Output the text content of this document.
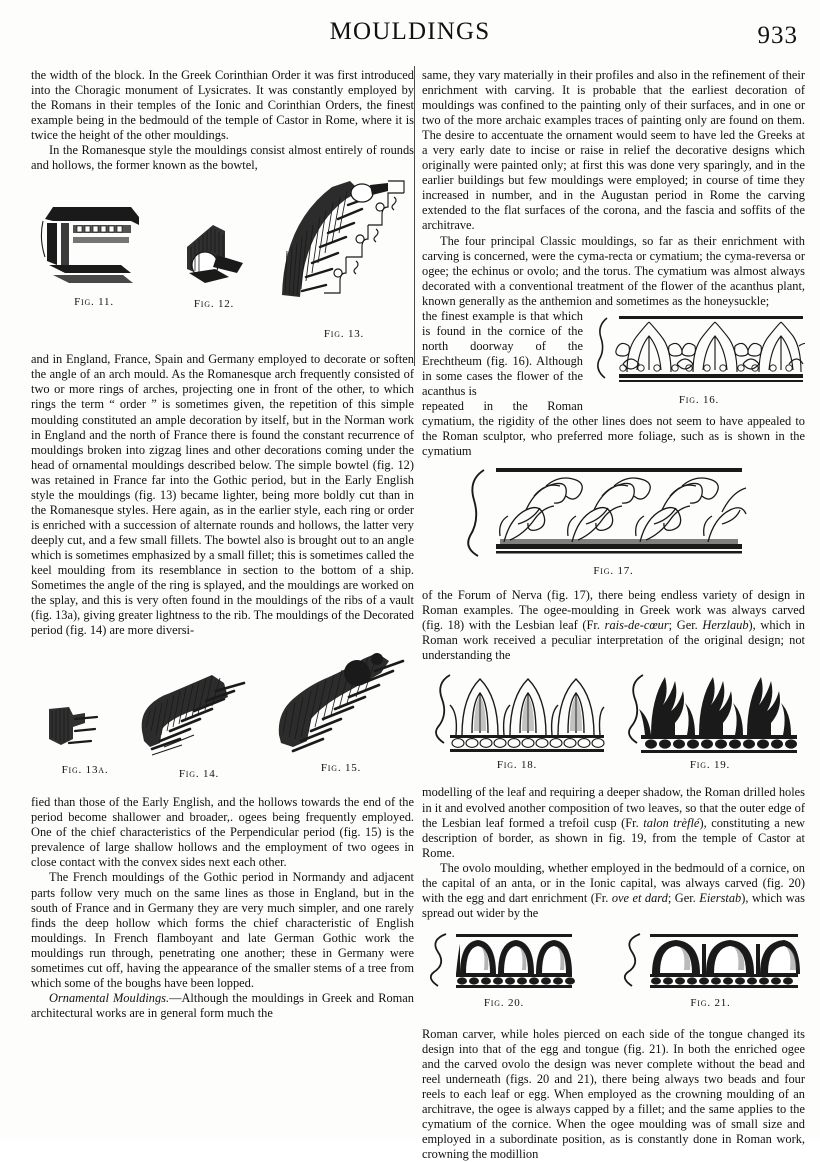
MOULDINGS	933

the width of the block. In the Greek Corinthian Order it was first introduced into the Choragic monument of Lysicrates. It was constantly employed by the Romans in their temples of the Ionic and Corinthian Orders, the finest example being in the bedmould of the temple of Castor in Rome, where it is twice the height of the other mouldings.

In the Romanesque style the mouldings consist almost entirely of rounds and hollows, the former known as the bowtel,

Fig. 11.	Fig. 12.
Fig. 13.

and in England, France, Spain and Germany employed to decorate or soften the angle of an arch mould. As the Romanesque arch frequently consisted of two or more rings of arches, projecting one in front of the other, to which rings the term “ order ” is sometimes given, the repetition of this simple moulding constituted an ample decoration by itself, but in the Norman work in England and the north of France there is found the constant recurrence of mouldings broken into zigzag lines and other decorations coming under the head of ornamental mouldings described below. The simple bowtel (fig. 12) was retained in France far into the Gothic period, but in the Early English style the mouldings (fig. 13) became lighter, being more boldly cut than in the Romanesque styles. Here again, as in the earlier style, each ring or order is enriched with a succession of alternate rounds and hollows, the latter very deeply cut, and a few small fillets. The bowtel also is brought out to an angle which is sometimes emphasized by a small fillet; this is sometimes called the keel moulding from its resemblance in section to the bottom of a ship. Sometimes the angle of the ring is splayed, and the mouldings are worked on the splay, and this is very often found in the mouldings of the ribs of a vault (fig. 13a), giving greater lightness to the rib. The mouldings of the Decorated period (fig. 14) are more diversi-

Fig. 13a.	Fig. 14.	Fig. 15.

fied than those of the Early English, and the hollows towards the end of the period become shallower and broader,. ogees being frequently employed. One of the chief characteristics of the Perpendicular period (fig. 15) is the prevalence of large shallow hollows and the employment of two ogees in close contact with the convex sides next each other.

The French mouldings of the Gothic period in Normandy and adjacent parts follow very much on the same lines as those in England, but in the south of France and in Germany they are very much simpler, and one rarely finds the deep hollow which forms the chief characteristic of English mouldings. In French flamboyant and late German Gothic work the mouldings run through, penetrating one another; these in Germany were sometimes cut off, having the appearance of the smaller stems of a tree from which some of the boughs have been lopped.

Ornamental Mouldings.—Although the mouldings in Greek and Roman architectural works are in general form much the

same, they vary materially in their profiles and also in the refinement of their enrichment with carving. It is probable that the earliest decoration of mouldings was confined to the painting only of their surfaces, and in one or two of the more archaic examples traces of painting only are found on them. The desire to accentuate the ornament would seem to have led the Greeks at a very early date to incise or raise in relief the decorative designs which originally were painted only; at first this was done very sparingly, and in the earlier buildings but few mouldings were employed; in course of time they increased in number, and in the Augustan period in Rome the carving extended to the flat surfaces of the corona, and the fascia and soffits of the architrave.

The four principal Classic mouldings, so far as their enrichment with carving is concerned, were the cyma-recta or cymatium; the cyma-reversa or ogee; the echinus or ovolo; and the torus. The cymatium was almost always decorated with a conventional treatment of the flower of the acanthus plant, known generally as the anthemion and sometimes as the honeysuckle;

Fig. 16.

the finest example is that which is found in the cornice of the north doorway of the Erechtheum (fig. 16). Although in some cases the flower of the acanthus is

repeated in the Roman cymatium, the rigidity of the other lines does not seem to have appealed to the Roman sculptor, who preferred more foliage, such as is shown in the cymatium

Fig. 17.

of the Forum of Nerva (fig. 17), there being endless variety of design in Roman examples. The ogee-moulding in Greek work was always carved (fig. 18) with the Lesbian leaf (Fr. rais-de-cœur; Ger. Herzlaub), which in Roman work received a peculiar interpretation of the original design; not understanding the

Fig. 18.	Fig. 19.

modelling of the leaf and requiring a deeper shadow, the Roman drilled holes in it and evolved another composition of two leaves, so that the outer edge of the Lesbian leaf formed a trefoil cusp (Fr. talon trèflé), constituting a new description of border, as shown in fig. 19, from the temple of Castor at Rome.

The ovolo moulding, whether employed in the bedmould of a cornice, on the capital of an anta, or in the Ionic capital, was always carved (fig. 20) with the egg and dart enrichment (Fr. ove et dard; Ger. Eierstab), which was spread out wider by the

Fig. 20.	Fig. 21.

Roman carver, while holes pierced on each side of the tongue changed its design into that of the egg and tongue (fig. 21). In both the enriched ogee and the carved ovolo the design was never complete without the bead and reel underneath (figs. 20 and 21), there being always two beads and four reels to each leaf or egg. When employed as the crowning moulding of an architrave, the ogee is always capped by a fillet; and the same applies to the cymatium of the cornice. When the ogee moulding was of small size and employed in a subordinate position, as is constantly done in Roman work, crowning the modillion
